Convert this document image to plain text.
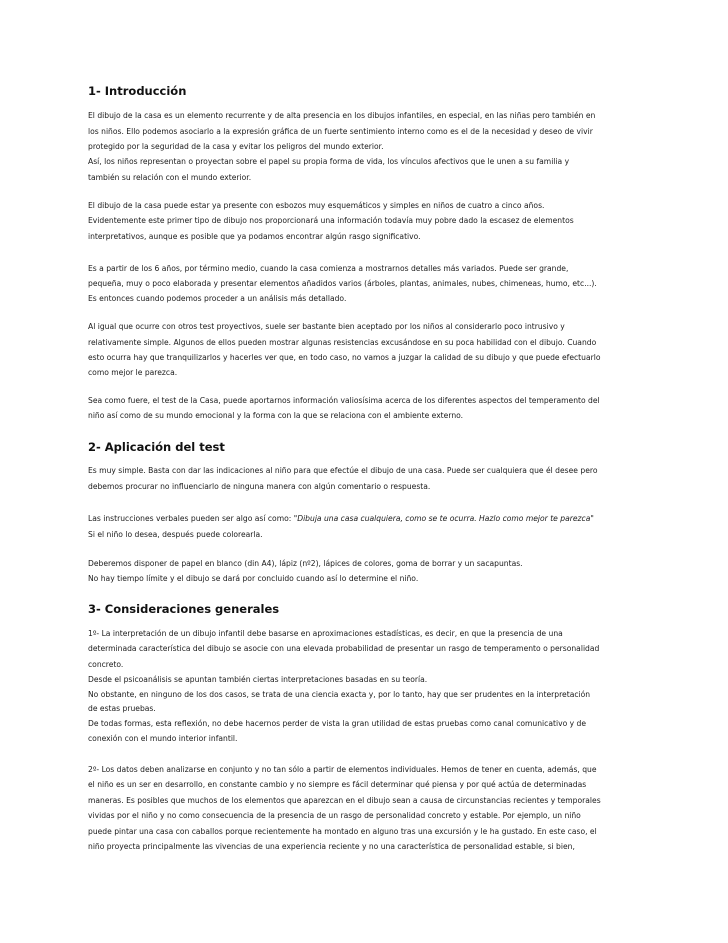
1- Introducción
El dibujo de la casa es un elemento recurrente y de alta presencia en los dibujos infantiles, en especial, en las niñas pero también en
los niños. Ello podemos asociarlo a la expresión gráfica de un fuerte sentimiento interno como es el de la necesidad y deseo de vivir
protegido por la seguridad de la casa y evitar los peligros del mundo exterior.
Así, los niños representan o proyectan sobre el papel su propia forma de vida, los vínculos afectivos que le unen a su familia y
también su relación con el mundo exterior.
El dibujo de la casa puede estar ya presente con esbozos muy esquemáticos y simples en niños de cuatro a cinco años.
Evidentemente este primer tipo de dibujo nos proporcionará una información todavía muy pobre dado la escasez de elementos
interpretativos, aunque es posible que ya podamos encontrar algún rasgo significativo.
Es a partir de los 6 años, por término medio, cuando la casa comienza a mostrarnos detalles más variados. Puede ser grande,
pequeña, muy o poco elaborada y presentar elementos añadidos varios (árboles, plantas, animales, nubes, chimeneas, humo, etc...).
Es entonces cuando podemos proceder a un análisis más detallado.
Al igual que ocurre con otros test proyectivos, suele ser bastante bien aceptado por los niños al considerarlo poco intrusivo y
relativamente simple. Algunos de ellos pueden mostrar algunas resistencias excusándose en su poca habilidad con el dibujo. Cuando
esto ocurra hay que tranquilizarlos y hacerles ver que, en todo caso, no vamos a juzgar la calidad de su dibujo y que puede efectuarlo
como mejor le parezca.
Sea como fuere, el test de la Casa, puede aportarnos información valiosísima acerca de los diferentes aspectos del temperamento del
niño así como de su mundo emocional y la forma con la que se relaciona con el ambiente externo.
2- Aplicación del test
Es muy simple. Basta con dar las indicaciones al niño para que efectúe el dibujo de una casa. Puede ser cualquiera que él desee pero
debemos procurar no influenciarlo de ninguna manera con algún comentario o respuesta.
Las instrucciones verbales pueden ser algo así como: "Dibuja una casa cualquiera, como se te ocurra. Hazlo como mejor te parezca"
Si el niño lo desea, después puede colorearla.
Deberemos disponer de papel en blanco (din A4), lápiz (nº2), lápices de colores, goma de borrar y un sacapuntas.
No hay tiempo límite y el dibujo se dará por concluido cuando así lo determine el niño.
3- Consideraciones generales
1º- La interpretación de un dibujo infantil debe basarse en aproximaciones estadísticas, es decir, en que la presencia de una
determinada característica del dibujo se asocie con una elevada probabilidad de presentar un rasgo de temperamento o personalidad
concreto.
Desde el psicoanálisis se apuntan también ciertas interpretaciones basadas en su teoría.
No obstante, en ninguno de los dos casos, se trata de una ciencia exacta y, por lo tanto, hay que ser prudentes en la interpretación
de estas pruebas.
De todas formas, esta reflexión, no debe hacernos perder de vista la gran utilidad de estas pruebas como canal comunicativo y de
conexión con el mundo interior infantil.
2º- Los datos deben analizarse en conjunto y no tan sólo a partir de elementos individuales. Hemos de tener en cuenta, además, que
el niño es un ser en desarrollo, en constante cambio y no siempre es fácil determinar qué piensa y por qué actúa de determinadas
maneras. Es posibles que muchos de los elementos que aparezcan en el dibujo sean a causa de circunstancias recientes y temporales
vividas por el niño y no como consecuencia de la presencia de un rasgo de personalidad concreto y estable. Por ejemplo, un niño
puede pintar una casa con caballos porque recientemente ha montado en alguno tras una excursión y le ha gustado. En este caso, el
niño proyecta principalmente las vivencias de una experiencia reciente y no una característica de personalidad estable, si bien,
